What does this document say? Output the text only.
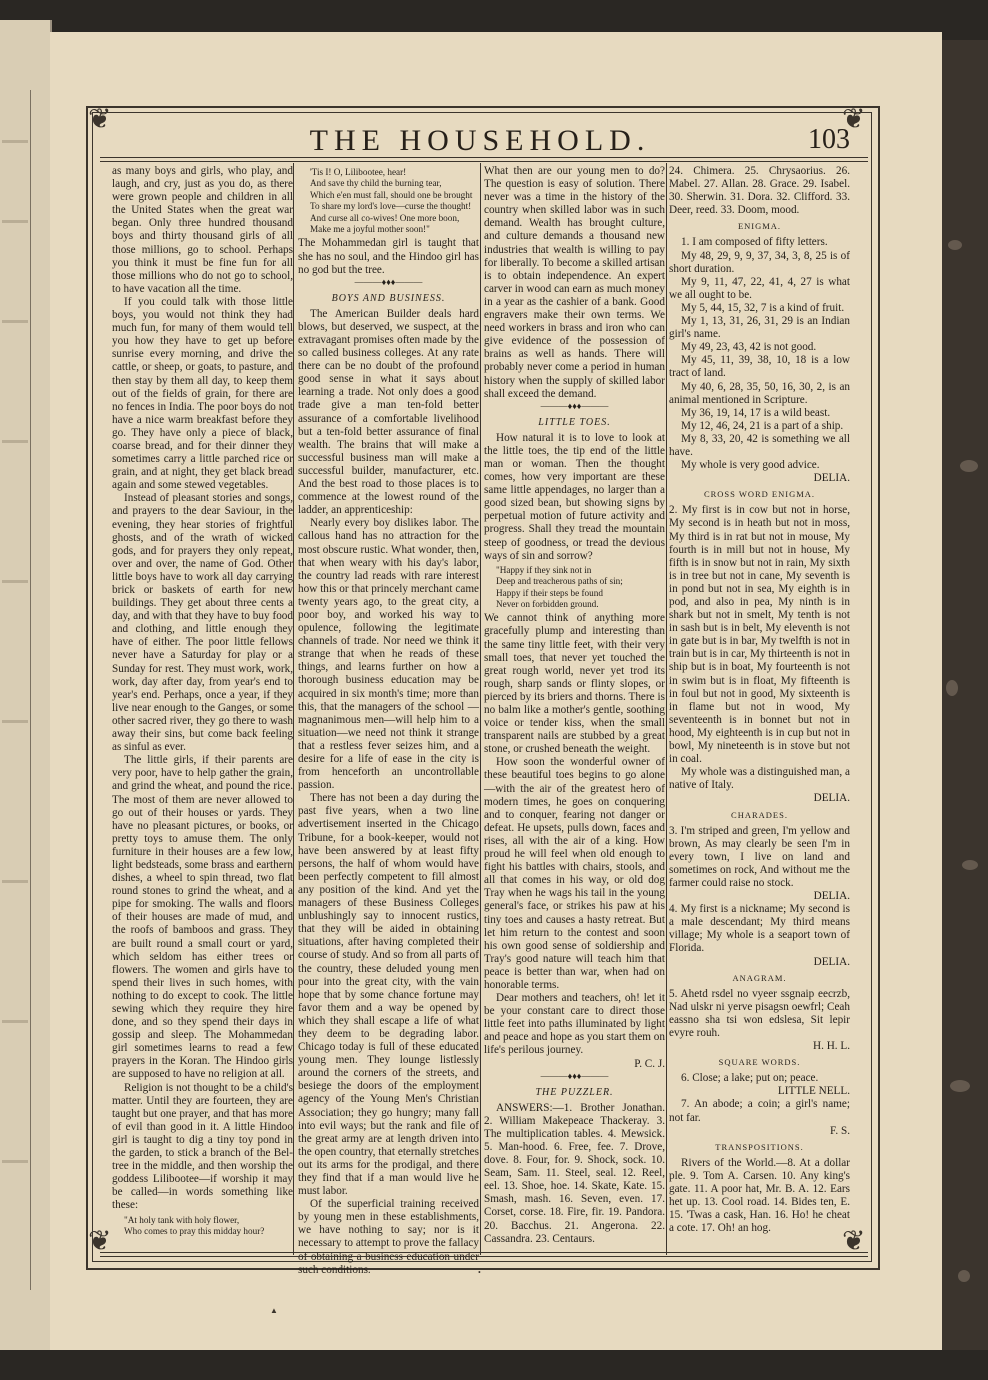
❦	❦
❦	❦
THE HOUSEHOLD.	103

as many boys and girls, who play, and laugh, and cry, just as you do, as there were grown people and children in all the United States when the great war began. Only three hundred thousand boys and thirty thousand girls of all those millions, go to school. Perhaps you think it must be fine fun for all those millions who do not go to school, to have vacation all the time.

If you could talk with those little boys, you would not think they had much fun, for many of them would tell you how they have to get up before sunrise every morning, and drive the cattle, or sheep, or goats, to pasture, and then stay by them all day, to keep them out of the fields of grain, for there are no fences in India. The poor boys do not have a nice warm breakfast before they go. They have only a piece of black, coarse bread, and for their dinner they sometimes carry a little parched rice or grain, and at night, they get black bread again and some stewed vegetables.

Instead of pleasant stories and songs, and prayers to the dear Saviour, in the evening, they hear stories of frightful ghosts, and of the wrath of wicked gods, and for prayers they only repeat, over and over, the name of God. Other little boys have to work all day carrying brick or baskets of earth for new buildings. They get about three cents a day, and with that they have to buy food and clothing, and little enough they have of either. The poor little fellows never have a Saturday for play or a Sunday for rest. They must work, work, work, day after day, from year's end to year's end. Perhaps, once a year, if they live near enough to the Ganges, or some other sacred river, they go there to wash away their sins, but come back feeling as sinful as ever.

The little girls, if their parents are very poor, have to help gather the grain, and grind the wheat, and pound the rice. The most of them are never allowed to go out of their houses or yards. They have no pleasant pictures, or books, or pretty toys to amuse them. The only furniture in their houses are a few low, light bedsteads, some brass and earthern dishes, a wheel to spin thread, two flat round stones to grind the wheat, and a pipe for smoking. The walls and floors of their houses are made of mud, and the roofs of bamboos and grass. They are built round a small court or yard, which seldom has either trees or flowers. The women and girls have to spend their lives in such homes, with nothing to do except to cook. The little sewing which they require they hire done, and so they spend their days in gossip and sleep. The Mohammedan girl sometimes learns to read a few prayers in the Koran. The Hindoo girls are supposed to have no religion at all.

Religion is not thought to be a child's matter. Until they are fourteen, they are taught but one prayer, and that has more of evil than good in it. A little Hindoo girl is taught to dig a tiny toy pond in the garden, to stick a branch of the Bel-tree in the middle, and then worship the goddess Lilibootee—if worship it may be called—in words something like these:

"At holy tank with holy flower,
Who comes to pray this midday hour?

'Tis I! O, Lilibootee, hear!
And save thy child the burning tear,
Which e'en must fall, should one be brought
To share my lord's love—curse the thought!
And curse all co-wives! One more boon,
Make me a joyful mother soon!"

The Mohammedan girl is taught that she has no soul, and the Hindoo girl has no god but the tree.

———♦♦♦———

BOYS AND BUSINESS.

The American Builder deals hard blows, but deserved, we suspect, at the extravagant promises often made by the so called business colleges. At any rate there can be no doubt of the profound good sense in what it says about learning a trade. Not only does a good trade give a man ten-fold better assurance of a comfortable livelihood but a ten-fold better assurance of final wealth. The brains that will make a successful business man will make a successful builder, manufacturer, etc. And the best road to those places is to commence at the lowest round of the ladder, an apprenticeship:

Nearly every boy dislikes labor. The callous hand has no attraction for the most obscure rustic. What wonder, then, that when weary with his day's labor, the country lad reads with rare interest how this or that princely merchant came twenty years ago, to the great city, a poor boy, and worked his way to opulence, following the legitimate channels of trade. Nor need we think it strange that when he reads of these things, and learns further on how a thorough business education may be acquired in six month's time; more than this, that the managers of the school — magnanimous men—will help him to a situation—we need not think it strange that a restless fever seizes him, and a desire for a life of ease in the city is from henceforth an uncontrollable passion.

There has not been a day during the past five years, when a two line advertisement inserted in the Chicago Tribune, for a book-keeper, would not have been answered by at least fifty persons, the half of whom would have been perfectly competent to fill almost any position of the kind. And yet the managers of these Business Colleges unblushingly say to innocent rustics, that they will be aided in obtaining situations, after having completed their course of study. And so from all parts of the country, these deluded young men pour into the great city, with the vain hope that by some chance fortune may favor them and a way be opened by which they shall escape a life of what they deem to be degrading labor. Chicago today is full of these educated young men. They lounge listlessly around the corners of the streets, and besiege the doors of the employment agency of the Young Men's Christian Association; they go hungry; many fall into evil ways; but the rank and file of the great army are at length driven into the open country, that eternally stretches out its arms for the prodigal, and there they find that if a man would live he must labor.

Of the superficial training received by young men in these establishments, we have nothing to say; nor is it necessary to attempt to prove the fallacy of obtaining a business education under such conditions.

What then are our young men to do? The question is easy of solution. There never was a time in the history of the country when skilled labor was in such demand. Wealth has brought culture, and culture demands a thousand new industries that wealth is willing to pay for liberally. To become a skilled artisan is to obtain independence. An expert carver in wood can earn as much money in a year as the cashier of a bank. Good engravers make their own terms. We need workers in brass and iron who can give evidence of the possession of brains as well as hands. There will probably never come a period in human history when the supply of skilled labor shall exceed the demand.

———♦♦♦———

LITTLE TOES.

How natural it is to love to look at the little toes, the tip end of the little man or woman. Then the thought comes, how very important are these same little appendages, no larger than a good sized bean, but showing signs by perpetual motion of future activity and progress. Shall they tread the mountain steep of goodness, or tread the devious ways of sin and sorrow?

"Happy if they sink not in
Deep and treacherous paths of sin;
Happy if their steps be found
Never on forbidden ground.

We cannot think of anything more gracefully plump and interesting than the same tiny little feet, with their very small toes, that never yet touched the great rough world, never yet trod its rough, sharp sands or flinty slopes, or pierced by its briers and thorns. There is no balm like a mother's gentle, soothing voice or tender kiss, when the small transparent nails are stubbed by a great stone, or crushed beneath the weight.

How soon the wonderful owner of these beautiful toes begins to go alone—with the air of the greatest hero of modern times, he goes on conquering and to conquer, fearing not danger or defeat. He upsets, pulls down, faces and rises, all with the air of a king. How proud he will feel when old enough to fight his battles with chairs, stools, and all that comes in his way, or old dog Tray when he wags his tail in the young general's face, or strikes his paw at his tiny toes and causes a hasty retreat. But let him return to the contest and soon his own good sense of soldiership and Tray's good nature will teach him that peace is better than war, when had on honorable terms.

Dear mothers and teachers, oh! let it be your constant care to direct those little feet into paths illuminated by light and peace and hope as you start them on life's perilous journey.

P. C. J.

———♦♦♦———

THE PUZZLER.

ANSWERS:—1. Brother Jonathan. 2. William Makepeace Thackeray. 3. The multiplication tables. 4. Mewsick. 5. Man-hood. 6. Free, fee. 7. Drove, dove. 8. Four, for. 9. Shock, sock. 10. Seam, Sam. 11. Steel, seal. 12. Reel, eel. 13. Shoe, hoe. 14. Skate, Kate. 15. Smash, mash. 16. Seven, even. 17. Corset, corse. 18. Fire, fir. 19. Pandora. 20. Bacchus. 21. Angerona. 22. Cassandra. 23. Centaurs.

24. Chimera. 25. Chrysaorius. 26. Mabel. 27. Allan. 28. Grace. 29. Isabel. 30. Sherwin. 31. Dora. 32. Clifford. 33. Deer, reed. 33. Doom, mood.

ENIGMA.

1. I am composed of fifty letters.

My 48, 29, 9, 9, 37, 34, 3, 8, 25 is of short duration.

My 9, 11, 47, 22, 41, 4, 27 is what we all ought to be.

My 5, 44, 15, 32, 7 is a kind of fruit.

My 1, 13, 31, 26, 31, 29 is an Indian girl's name.

My 49, 23, 43, 42 is not good.

My 45, 11, 39, 38, 10, 18 is a low tract of land.

My 40, 6, 28, 35, 50, 16, 30, 2, is an animal mentioned in Scripture.

My 36, 19, 14, 17 is a wild beast.

My 12, 46, 24, 21 is a part of a ship.

My 8, 33, 20, 42 is something we all have.

My whole is very good advice.

DELIA.

CROSS WORD ENIGMA.

2. My first is in cow but not in horse, My second is in heath but not in moss, My third is in rat but not in mouse, My fourth is in mill but not in house, My fifth is in snow but not in rain, My sixth is in tree but not in cane, My seventh is in pond but not in sea, My eighth is in pod, and also in pea, My ninth is in shark but not in smelt, My tenth is not in sash but is in belt, My eleventh is not in gate but is in bar, My twelfth is not in train but is in car, My thirteenth is not in ship but is in boat, My fourteenth is not in swim but is in float, My fifteenth is in foul but not in good, My sixteenth is in flame but not in wood, My seventeenth is in bonnet but not in hood, My eighteenth is in cup but not in bowl, My nineteenth is in stove but not in coal.

My whole was a distinguished man, a native of Italy.

DELIA.

CHARADES.

3. I'm striped and green, I'm yellow and brown, As may clearly be seen I'm in every town, I live on land and sometimes on rock, And without me the farmer could raise no stock.

DELIA.

4. My first is a nickname; My second is a male descendant; My third means village; My whole is a seaport town of Florida.

DELIA.

ANAGRAM.

5. Ahetd rsdel no vyeer ssgnaip eecrzb, Nad ulskr ni yerve pisagsn oewfrl; Ceah eassno sha tsi won edslesa, Sit lepir evyre rouh.

H. H. L.

SQUARE WORDS.

6. Close; a lake; put on; peace.

LITTLE NELL.

7. An abode; a coin; a girl's name; not far.

F. S.

TRANSPOSITIONS.

Rivers of the World.—8. At a dollar ple. 9. Tom A. Carsen. 10. Any king's gate. 11. A poor hat, Mr. B. A. 12. Ears het up. 13. Cool road. 14. Bides ten, E. 15. 'Twas a cask, Han. 16. Ho! he cheat a cote. 17. Oh! an hog.

•
▲
